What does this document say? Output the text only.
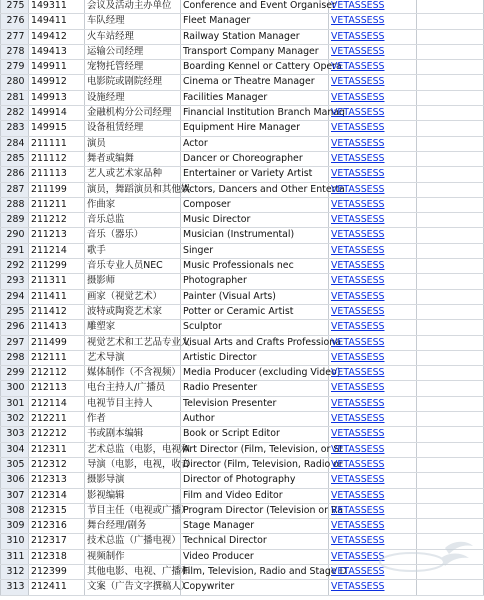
275	149311	会议及活动主办单位	Conference and Event Organiser	VETASSESS	
276	149411	车队经理	Fleet Manager	VETASSESS	
277	149412	火车站经理	Railway Station Manager	VETASSESS	
278	149413	运输公司经理	Transport Company Manager	VETASSESS	
279	149911	宠物托管经理	Boarding Kennel or Cattery Opera	VETASSESS	
280	149912	电影院或剧院经理	Cinema or Theatre Manager	VETASSESS	
281	149913	设施经理	Facilities Manager	VETASSESS	
282	149914	金融机构分公司经理	Financial Institution Branch Manag	VETASSESS	
283	149915	设备租赁经理	Equipment Hire Manager	VETASSESS	
284	211111	演员	Actor	VETASSESS	
285	211112	舞者或编舞	Dancer or Choreographer	VETASSESS	
286	211113	艺人或艺术家品种	Entertainer or Variety Artist	VETASSESS	
287	211199	演员，舞蹈演员和其他娱	Actors, Dancers and Other Enterta	VETASSESS	
288	211211	作曲家	Composer	VETASSESS	
289	211212	音乐总监	Music Director	VETASSESS	
290	211213	音乐（器乐）	Musician (Instrumental)	VETASSESS	
291	211214	歌手	Singer	VETASSESS	
292	211299	音乐专业人员NEC	Music Professionals nec	VETASSESS	
293	211311	摄影师	Photographer	VETASSESS	
294	211411	画家（视觉艺术）	Painter (Visual Arts)	VETASSESS	
295	211412	波特或陶瓷艺术家	Potter or Ceramic Artist	VETASSESS	
296	211413	雕塑家	Sculptor	VETASSESS	
297	211499	视觉艺术和工艺品专业人	Visual Arts and Crafts Professiona	VETASSESS	
298	212111	艺术导演	Artistic Director	VETASSESS	
299	212112	媒体制作（不含视频）	Media Producer (excluding Video)	VETASSESS	
300	212113	电台主持人/广播员	Radio Presenter	VETASSESS	
301	212114	电视节目主持人	Television Presenter	VETASSESS	
302	212211	作者	Author	VETASSESS	
303	212212	书或剧本编辑	Book or Script Editor	VETASSESS	
304	212311	艺术总监（电影，电视和	Art Director (Film, Television, or St	VETASSESS	
305	212312	导演（电影，电视，收音	Director (Film, Television, Radio or	VETASSESS	
306	212313	摄影导演	Director of Photography	VETASSESS	
307	212314	影视编辑	Film and Video Editor	VETASSESS	
308	212315	节目主任（电视或广播）	Program Director (Television or Ra	VETASSESS	
309	212316	舞台经理/剧务	Stage Manager	VETASSESS	
310	212317	技术总监（广播电视）	Technical Director	VETASSESS	
311	212318	视频制作	Video Producer	VETASSESS	
312	212399	其他电影、电视、广播和	Film, Television, Radio and Stage D	VETASSESS	
313	212411	文案（广告文字撰稿人）	Copywriter	VETASSESS	
